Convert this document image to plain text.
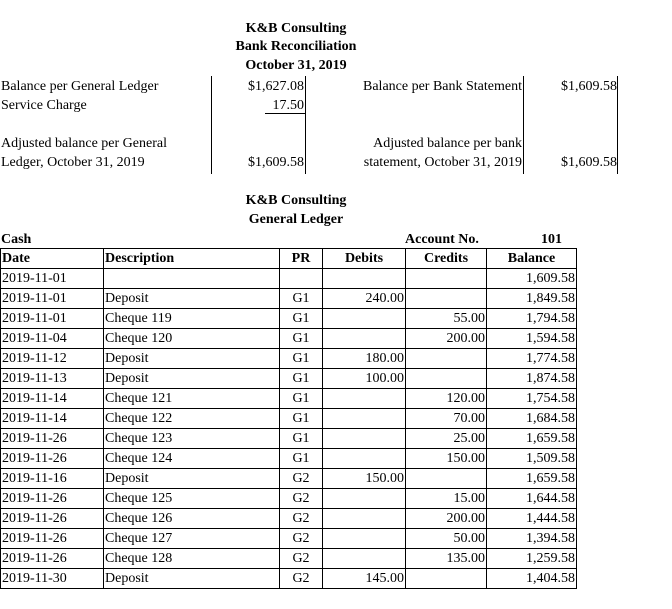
K&B Consulting
Bank Reconciliation
October 31, 2019
Balance per General Ledger	$1,627.08
Service Charge	17.50
Adjusted balance per General
Ledger, October 31, 2019	$1,609.58
Balance per Bank Statement	$1,609.58
Adjusted balance per bank
statement, October 31, 2019	$1,609.58
K&B Consulting
General Ledger
Cash	Account No.	101
Date	Description	PR	Debits	Credits	Balance
2019-11-01					1,609.58
2019-11-01	Deposit	G1	240.00		1,849.58
2019-11-01	Cheque 119	G1		55.00	1,794.58
2019-11-04	Cheque 120	G1		200.00	1,594.58
2019-11-12	Deposit	G1	180.00		1,774.58
2019-11-13	Deposit	G1	100.00		1,874.58
2019-11-14	Cheque 121	G1		120.00	1,754.58
2019-11-14	Cheque 122	G1		70.00	1,684.58
2019-11-26	Cheque 123	G1		25.00	1,659.58
2019-11-26	Cheque 124	G1		150.00	1,509.58
2019-11-16	Deposit	G2	150.00		1,659.58
2019-11-26	Cheque 125	G2		15.00	1,644.58
2019-11-26	Cheque 126	G2		200.00	1,444.58
2019-11-26	Cheque 127	G2		50.00	1,394.58
2019-11-26	Cheque 128	G2		135.00	1,259.58
2019-11-30	Deposit	G2	145.00		1,404.58
